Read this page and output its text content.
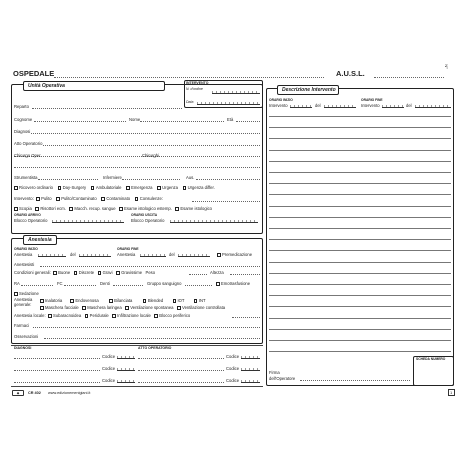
OSPEDALE	A.U.S.L.
N°
Unità Operativa	INTERVENTO
N. d'ordine
Data
Reparto
Cognome	Nome	Età
Diagnosi
Atto Operatorio
Chirurgo Oper.	Chirurghi
Strumentista	Infermiere	Aus.
Ricovero ordinario Day-Surgery Ambulatoriale Emergenza Urgenza Urgenza differ.
Intervento: Pulito Pulito/Contaminato Contaminato Consulenze:
Scopia Risottori ecm. Macch. recup. sangue Esame istologico estemp. Esame istologico
ORARIO ARRIVO
Blocco Operatorio
ORARIO USCITA
Blocco Operatorio
Anestesia
ORARIO INIZIO
Anestesia	del
ORARIO FINE
Anestesia	del	Premedicazione
Anestesisti
Condizioni generali: Buone Discrete Gravi Gravissime Peso	Altezza
RA	FC	Denti	Gruppo sanguigno	Emotrasfusione
Sedazione
Anestesia generale:
Inalatoria	Endovenosa	Bilanciata	Blended	IOT	INT
Maschera facciale Maschera laringea Ventilazione spontanea Ventilazione controllata
Anestesia locale: Subaracnoidea Peridurale Infiltrazione locale Blocco periferico
Farmaci
Osservazioni
DIAGNOSI	ATTO OPERATORIO
Codice	Codice
Codice	Codice
Codice	Codice
Descrizione Intervento
ORARIO INIZIO
Intervento	del
ORARIO FINE
Intervento	del
Firma
dell'Operatore
SCHEDA NUMERO
◆	CR 402 www.edizionemenigiani.it	1
